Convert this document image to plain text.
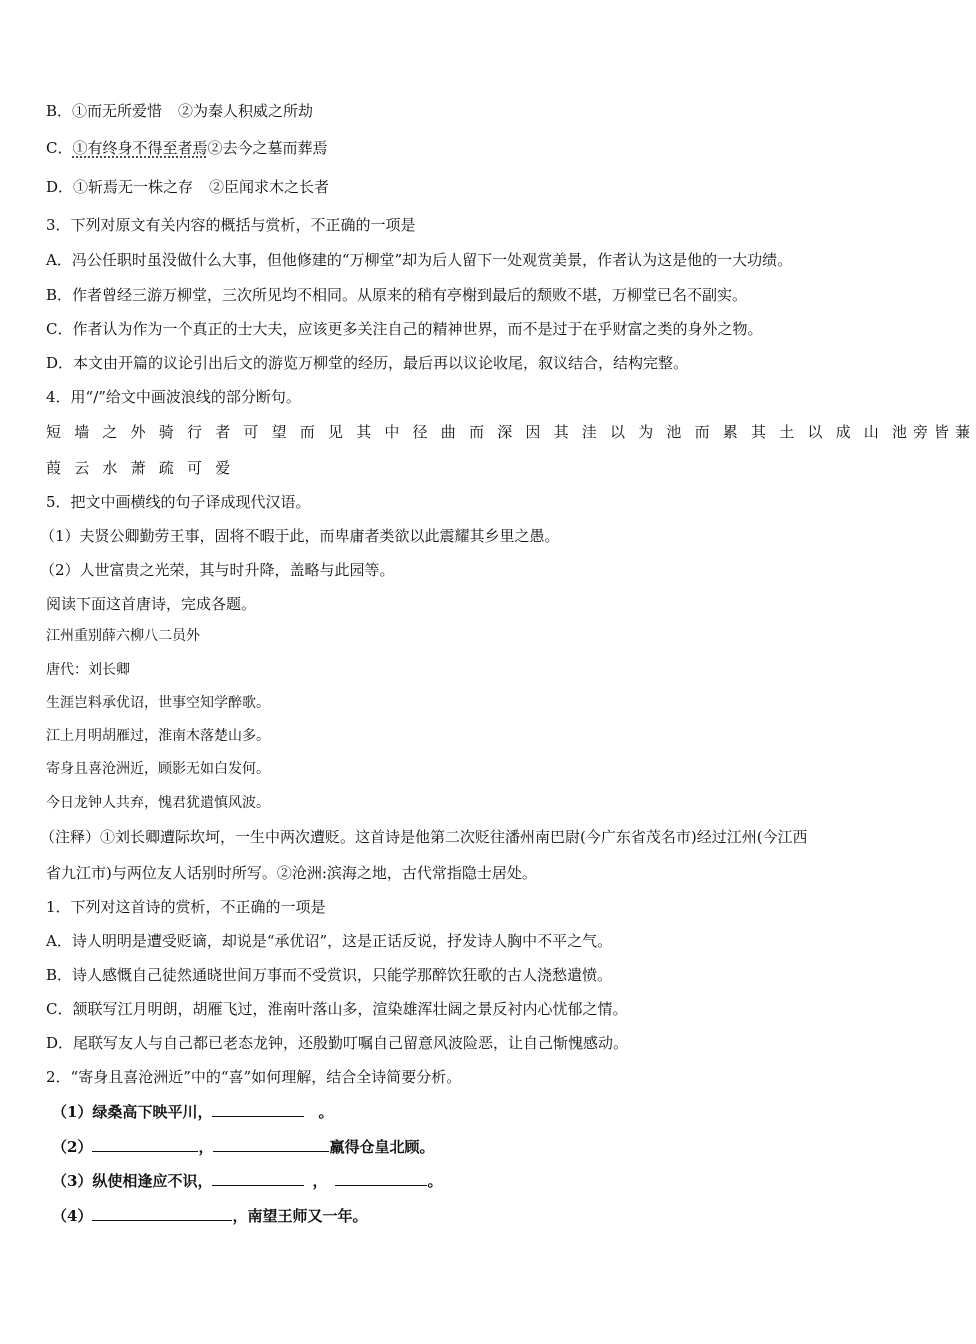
B．①而无所爱惜 ②为秦人积威之所劫
C．①有终身不得至者焉②去今之墓而葬焉
D．①斩焉无一株之存 ②臣闻求木之长者
3．下列对原文有关内容的概括与赏析，不正确的一项是
A．冯公任职时虽没做什么大事，但他修建的“万柳堂”却为后人留下一处观赏美景，作者认为这是他的一大功绩。
B．作者曾经三游万柳堂，三次所见均不相同。从原来的稍有亭榭到最后的颓败不堪，万柳堂已名不副实。
C．作者认为作为一个真正的士大夫，应该更多关注自己的精神世界，而不是过于在乎财富之类的身外之物。
D．本文由开篇的议论引出后文的游览万柳堂的经历，最后再以议论收尾，叙议结合，结构完整。
4．用“/”给文中画波浪线的部分断句。
短墙之外骑行者可望而见其中径曲而深因其洼以为池而累其土以成山池旁皆蒹
葭云水萧疏可爱
5．把文中画横线的句子译成现代汉语。
（1）夫贤公卿勤劳王事，固将不暇于此，而卑庸者类欲以此震耀其乡里之愚。
（2）人世富贵之光荣，其与时升降，盖略与此园等。
阅读下面这首唐诗，完成各题。
江州重别薛六柳八二员外
唐代：刘长卿
生涯岂料承优诏，世事空知学醉歌。
江上月明胡雁过，淮南木落楚山多。
寄身且喜沧洲近，顾影无如白发何。
今日龙钟人共弃，愧君犹遣慎风波。
（注释）①刘长卿遭际坎坷，一生中两次遭贬。这首诗是他第二次贬往潘州南巴尉(今广东省茂名市)经过江州(今江西
省九江市)与两位友人话别时所写。②沧洲:滨海之地，古代常指隐士居处。
1．下列对这首诗的赏析，不正确的一项是
A．诗人明明是遭受贬谪，却说是“承优诏”，这是正话反说，抒发诗人胸中不平之气。
B．诗人感慨自己徒然通晓世间万事而不受赏识，只能学那醉饮狂歌的古人浇愁遣愤。
C．颔联写江月明朗，胡雁飞过，淮南叶落山多，渲染雄浑壮阔之景反衬内心忧郁之情。
D．尾联写友人与自己都已老态龙钟，还殷勤叮嘱自己留意风波险恶，让自己惭愧感动。
2．“寄身且喜沧洲近”中的“喜”如何理解，结合全诗简要分析。
（1）绿桑高下映平川，	。
（2）	，	羸得仓皇北顾。
（3）纵使相逢应不识，	，	。
（4）	，南望王师又一年。
